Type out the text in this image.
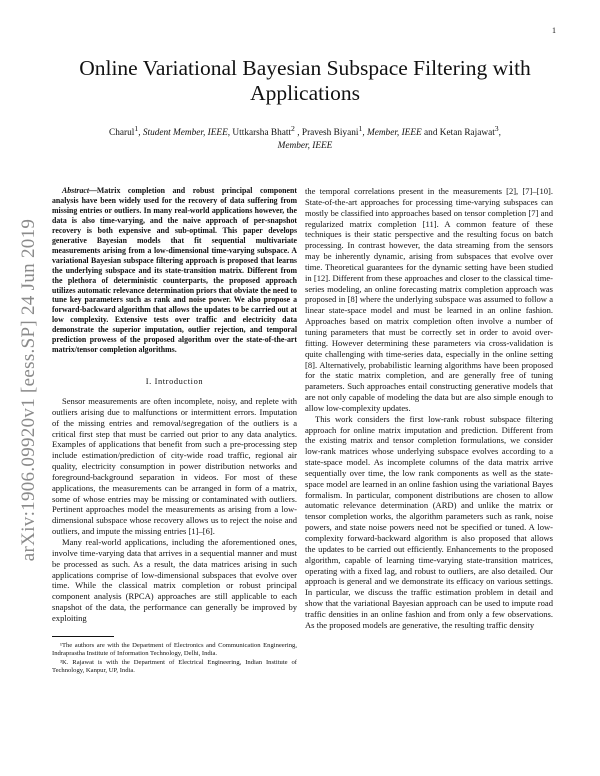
1
arXiv:1906.09920v1 [eess.SP] 24 Jun 2019
Online Variational Bayesian Subspace Filtering with Applications
Charul$^1$, Student Member, IEEE, Uttkarsha Bhatt$^2$ , Pravesh Biyani$^1$, Member, IEEE and Ketan Rajawat$^3$,
Member, IEEE

Abstract—Matrix completion and robust principal component analysis have been widely used for the recovery of data suffering from missing entries or outliers. In many real-world applications however, the data is also time-varying, and the naive approach of per-snapshot recovery is both expensive and sub-optimal. This paper develops generative Bayesian models that fit sequential multivariate measurements arising from a low-dimensional time-varying subspace. A variational Bayesian subspace filtering approach is proposed that learns the underlying subspace and its state-transition matrix. Different from the plethora of deterministic counterparts, the proposed approach utilizes automatic relevance determination priors that obviate the need to tune key parameters such as rank and noise power. We also propose a forward-backward algorithm that allows the updates to be carried out at low complexity. Extensive tests over traffic and electricity data demonstrate the superior imputation, outlier rejection, and temporal prediction prowess of the proposed algorithm over the state-of-the-art matrix/tensor completion algorithms.

I. Introduction

Sensor measurements are often incomplete, noisy, and replete with outliers arising due to malfunctions or intermittent errors. Imputation of the missing entries and removal/segregation of the outliers is a critical first step that must be carried out prior to any data analytics. Examples of applications that benefit from such a pre-processing step include estimation/prediction of city-wide road traffic, regional air quality, electricity consumption in power distribution networks and foreground-background separation in videos. For most of these applications, the measurements can be arranged in form of a matrix, some of whose entries may be missing or contaminated with outliers. Pertinent approaches model the measurements as arising from a low-dimensional subspace whose recovery allows us to reject the noise and outliers, and impute the missing entries [1]–[6].

Many real-world applications, including the aforementioned ones, involve time-varying data that arrives in a sequential manner and must be processed as such. As a result, the data matrices arising in such applications comprise of low-dimensional subspaces that evolve over time. While the classical matrix completion or robust principal component analysis (RPCA) approaches are still applicable to each snapshot of the data, the performance can generally be improved by exploiting

¹The authors are with the Department of Electronics and Communication Engineering, Indraprastha Institute of Information Technology, Delhi, India.

³K. Rajawat is with the Department of Electrical Engineering, Indian Institute of Technology, Kanpur, UP, India.

the temporal correlations present in the measurements [2], [7]–[10]. State-of-the-art approaches for processing time-varying subspaces can mostly be classified into approaches based on tensor completion [7] and regularized matrix completion [11]. A common feature of these techniques is their static perspective and the resulting focus on batch processing. In contrast however, the data streaming from the sensors may be inherently dynamic, arising from subspaces that evolve over time. Theoretical guarantees for the dynamic setting have been studied in [12]. Different from these approaches and closer to the classical time-series modeling, an online forecasting matrix completion approach was proposed in [8] where the underlying subspace was assumed to follow a linear state-space model and must be learned in an online fashion. Approaches based on matrix completion often involve a number of tuning parameters that must be correctly set in order to avoid over-fitting. However determining these parameters via cross-validation is quite challenging with time-series data, especially in the online setting [8]. Alternatively, probabilistic learning algorithms have been proposed for the static matrix completion, and are generally free of tuning parameters. Such approaches entail constructing generative models that are not only capable of modeling the data but are also simple enough to allow low-complexity updates.

This work considers the first low-rank robust subspace filtering approach for online matrix imputation and prediction. Different from the existing matrix and tensor completion formulations, we consider low-rank matrices whose underlying subspace evolves according to a state-space model. As incomplete columns of the data matrix arrive sequentially over time, the low rank components as well as the state-space model are learned in an online fashion using the variational Bayes formalism. In particular, component distributions are chosen to allow automatic relevance determination (ARD) and unlike the matrix or tensor completion works, the algorithm parameters such as rank, noise powers, and state noise powers need not be specified or tuned. A low-complexity forward-backward algorithm is also proposed that allows the updates to be carried out efficiently. Enhancements to the proposed algorithm, capable of learning time-varying state-transition matrices, operating with a fixed lag, and robust to outliers, are also detailed. Our approach is general and we demonstrate its efficacy on various settings. In particular, we discuss the traffic estimation problem in detail and show that the variational Bayesian approach can be used to impute road traffic densities in an online fashion and from only a few observations. As the proposed models are generative, the resulting traffic density
